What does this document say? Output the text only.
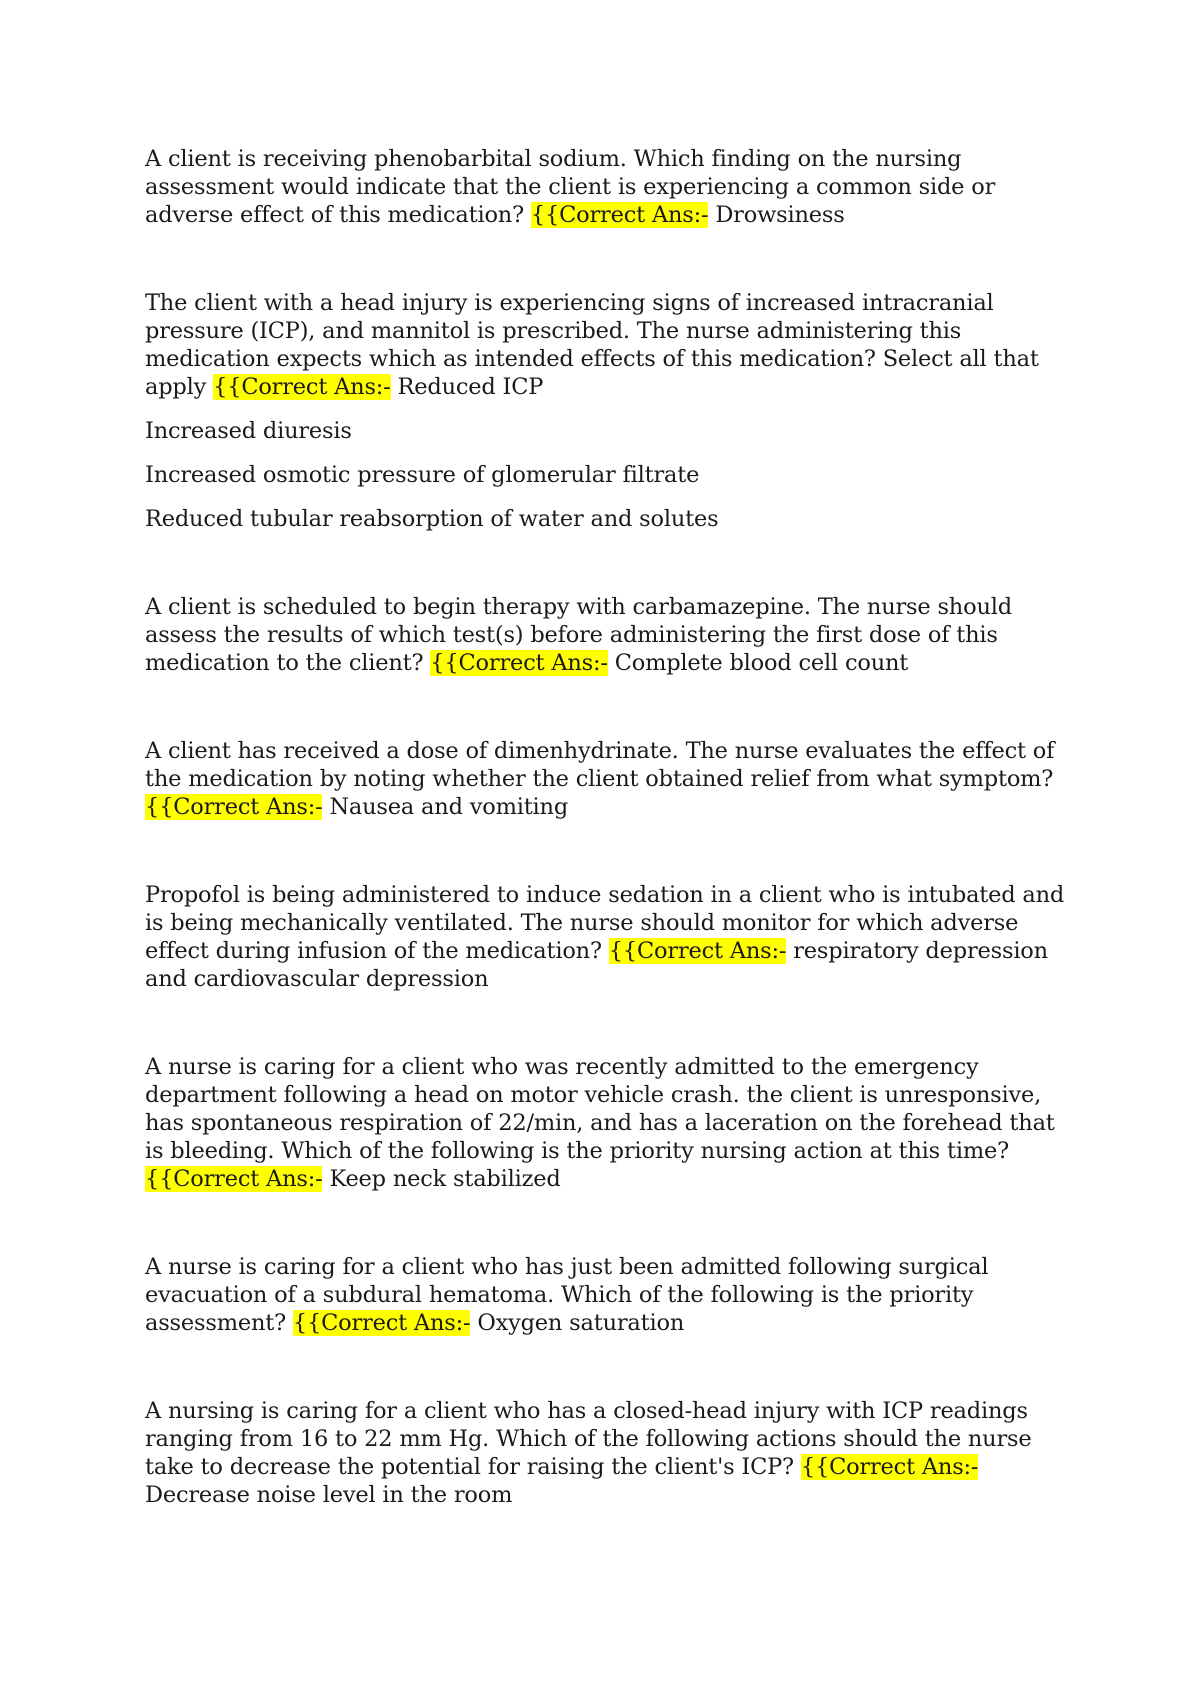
A client is receiving phenobarbital sodium. Which finding on the nursing assessment would indicate that the client is experiencing a common side or adverse effect of this medication? {{Correct Ans:- Drowsiness

The client with a head injury is experiencing signs of increased intracranial pressure (ICP), and mannitol is prescribed. The nurse administering this medication expects which as intended effects of this medication? Select all that apply {{Correct Ans:- Reduced ICP

Increased diuresis

Increased osmotic pressure of glomerular filtrate

Reduced tubular reabsorption of water and solutes

A client is scheduled to begin therapy with carbamazepine. The nurse should assess the results of which test(s) before administering the first dose of this medication to the client? {{Correct Ans:- Complete blood cell count

A client has received a dose of dimenhydrinate. The nurse evaluates the effect of the medication by noting whether the client obtained relief from what symptom? {{Correct Ans:- Nausea and vomiting

Propofol is being administered to induce sedation in a client who is intubated and is being mechanically ventilated. The nurse should monitor for which adverse effect during infusion of the medication? {{Correct Ans:- respiratory depression and cardiovascular depression

A nurse is caring for a client who was recently admitted to the emergency department following a head on motor vehicle crash. the client is unresponsive, has spontaneous respiration of 22/min, and has a laceration on the forehead that is bleeding. Which of the following is the priority nursing action at this time? {{Correct Ans:- Keep neck stabilized

A nurse is caring for a client who has just been admitted following surgical evacuation of a subdural hematoma. Which of the following is the priority assessment? {{Correct Ans:- Oxygen saturation

A nursing is caring for a client who has a closed-head injury with ICP readings ranging from 16 to 22 mm Hg. Which of the following actions should the nurse take to decrease the potential for raising the client's ICP? {{Correct Ans:- Decrease noise level in the room
